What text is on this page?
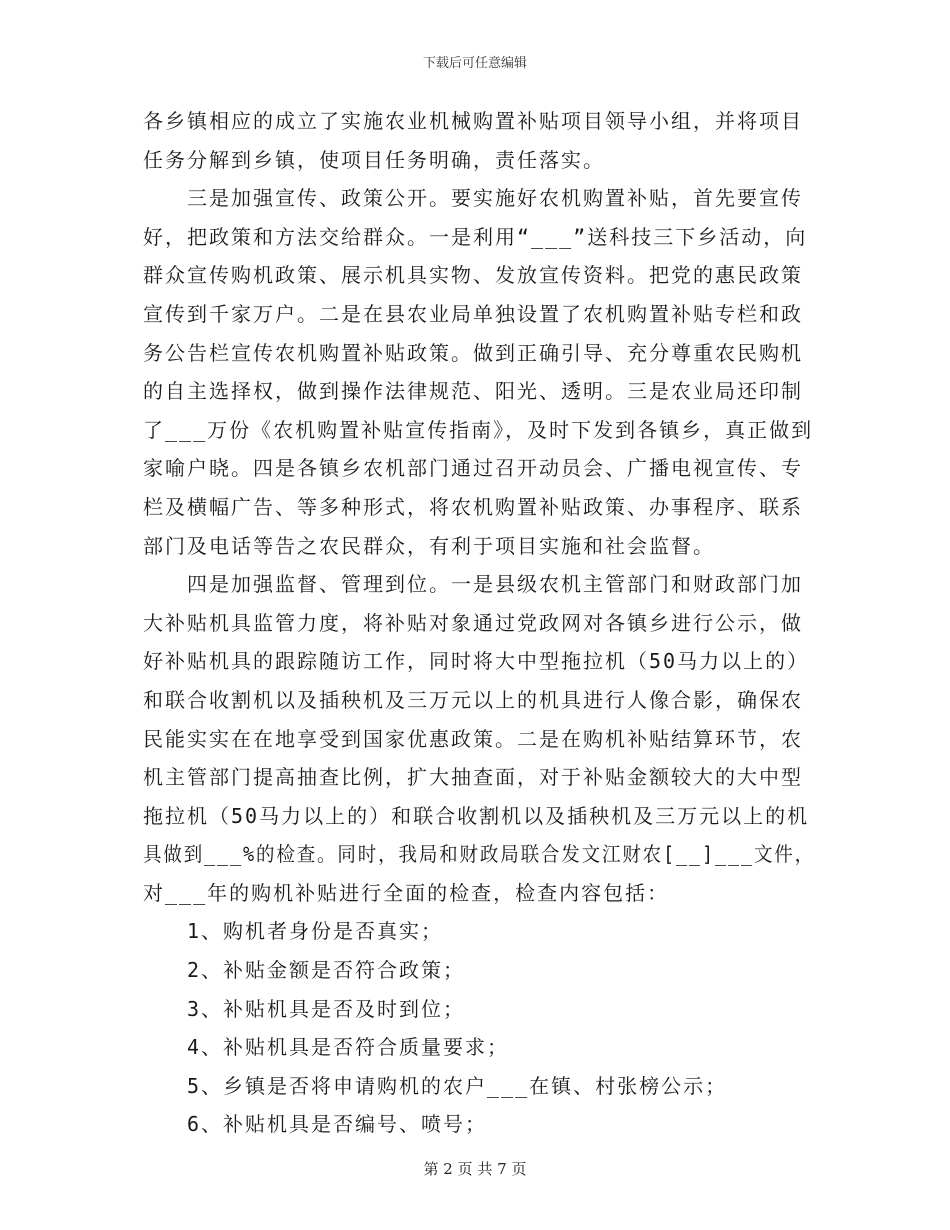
下载后可任意编辑
各乡镇相应的成立了实施农业机械购置补贴项目领导小组，并将项目
任务分解到乡镇，使项目任务明确，责任落实。
三是加强宣传、政策公开。要实施好农机购置补贴，首先要宣传
好，把政策和方法交给群众。一是利用“___”送科技三下乡活动，向
群众宣传购机政策、展示机具实物、发放宣传资料。把党的惠民政策
宣传到千家万户。二是在县农业局单独设置了农机购置补贴专栏和政
务公告栏宣传农机购置补贴政策。做到正确引导、充分尊重农民购机
的自主选择权，做到操作法律规范、阳光、透明。三是农业局还印制
了___万份《农机购置补贴宣传指南》，及时下发到各镇乡，真正做到
家喻户晓。四是各镇乡农机部门通过召开动员会、广播电视宣传、专
栏及横幅广告、等多种形式，将农机购置补贴政策、办事程序、联系
部门及电话等告之农民群众，有利于项目实施和社会监督。
四是加强监督、管理到位。一是县级农机主管部门和财政部门加
大补贴机具监管力度，将补贴对象通过党政网对各镇乡进行公示，做
好补贴机具的跟踪随访工作，同时将大中型拖拉机（50马力以上的）
和联合收割机以及插秧机及三万元以上的机具进行人像合影，确保农
民能实实在在地享受到国家优惠政策。二是在购机补贴结算环节，农
机主管部门提高抽查比例，扩大抽查面，对于补贴金额较大的大中型
拖拉机（50马力以上的）和联合收割机以及插秧机及三万元以上的机
具做到___%的检查。同时，我局和财政局联合发文江财农[__]___文件，
对___年的购机补贴进行全面的检查，检查内容包括：
1、购机者身份是否真实；
2、补贴金额是否符合政策；
3、补贴机具是否及时到位；
4、补贴机具是否符合质量要求；
5、乡镇是否将申请购机的农户___在镇、村张榜公示；
6、补贴机具是否编号、喷号；
第 2 页 共 7 页
